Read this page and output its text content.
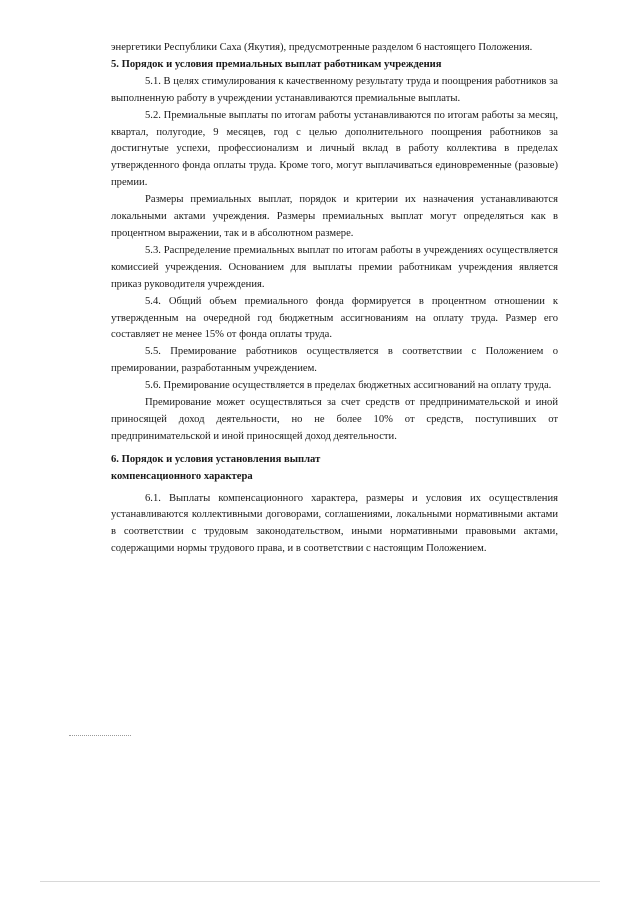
энергетики Республики Саха (Якутия), предусмотренные разделом 6 настоящего Положения.

5. Порядок и условия премиальных выплат работникам учреждения

5.1. В целях стимулирования к качественному результату труда и поощрения работников за выполненную работу в учреждении устанавливаются премиальные выплаты.

5.2. Премиальные выплаты по итогам работы устанавливаются по итогам работы за месяц, квартал, полугодие, 9 месяцев, год с целью дополнительного поощрения работников за достигнутые успехи, профессионализм и личный вклад в работу коллектива в пределах утвержденного фонда оплаты труда. Кроме того, могут выплачиваться единовременные (разовые) премии.

Размеры премиальных выплат, порядок и критерии их назначения устанавливаются локальными актами учреждения. Размеры премиальных выплат могут определяться как в процентном выражении, так и в абсолютном размере.

5.3. Распределение премиальных выплат по итогам работы в учреждениях осуществляется комиссией учреждения. Основанием для выплаты премии работникам учреждения является приказ руководителя учреждения.

5.4. Общий объем премиального фонда формируется в процентном отношении к утвержденным на очередной год бюджетным ассигнованиям на оплату труда. Размер его составляет не менее 15% от фонда оплаты труда.

5.5. Премирование работников осуществляется в соответствии с Положением о премировании, разработанным учреждением.

5.6. Премирование осуществляется в пределах бюджетных ассигнований на оплату труда.

Премирование может осуществляться за счет средств от предпринимательской и иной приносящей доход деятельности, но не более 10% от средств, поступивших от предпринимательской и иной приносящей доход деятельности.

6. Порядок и условия установления выплат

компенсационного характера

6.1. Выплаты компенсационного характера, размеры и условия их осуществления устанавливаются коллективными договорами, соглашениями, локальными нормативными актами в соответствии с трудовым законодательством, иными нормативными правовыми актами, содержащими нормы трудового права, и в соответствии с настоящим Положением.
